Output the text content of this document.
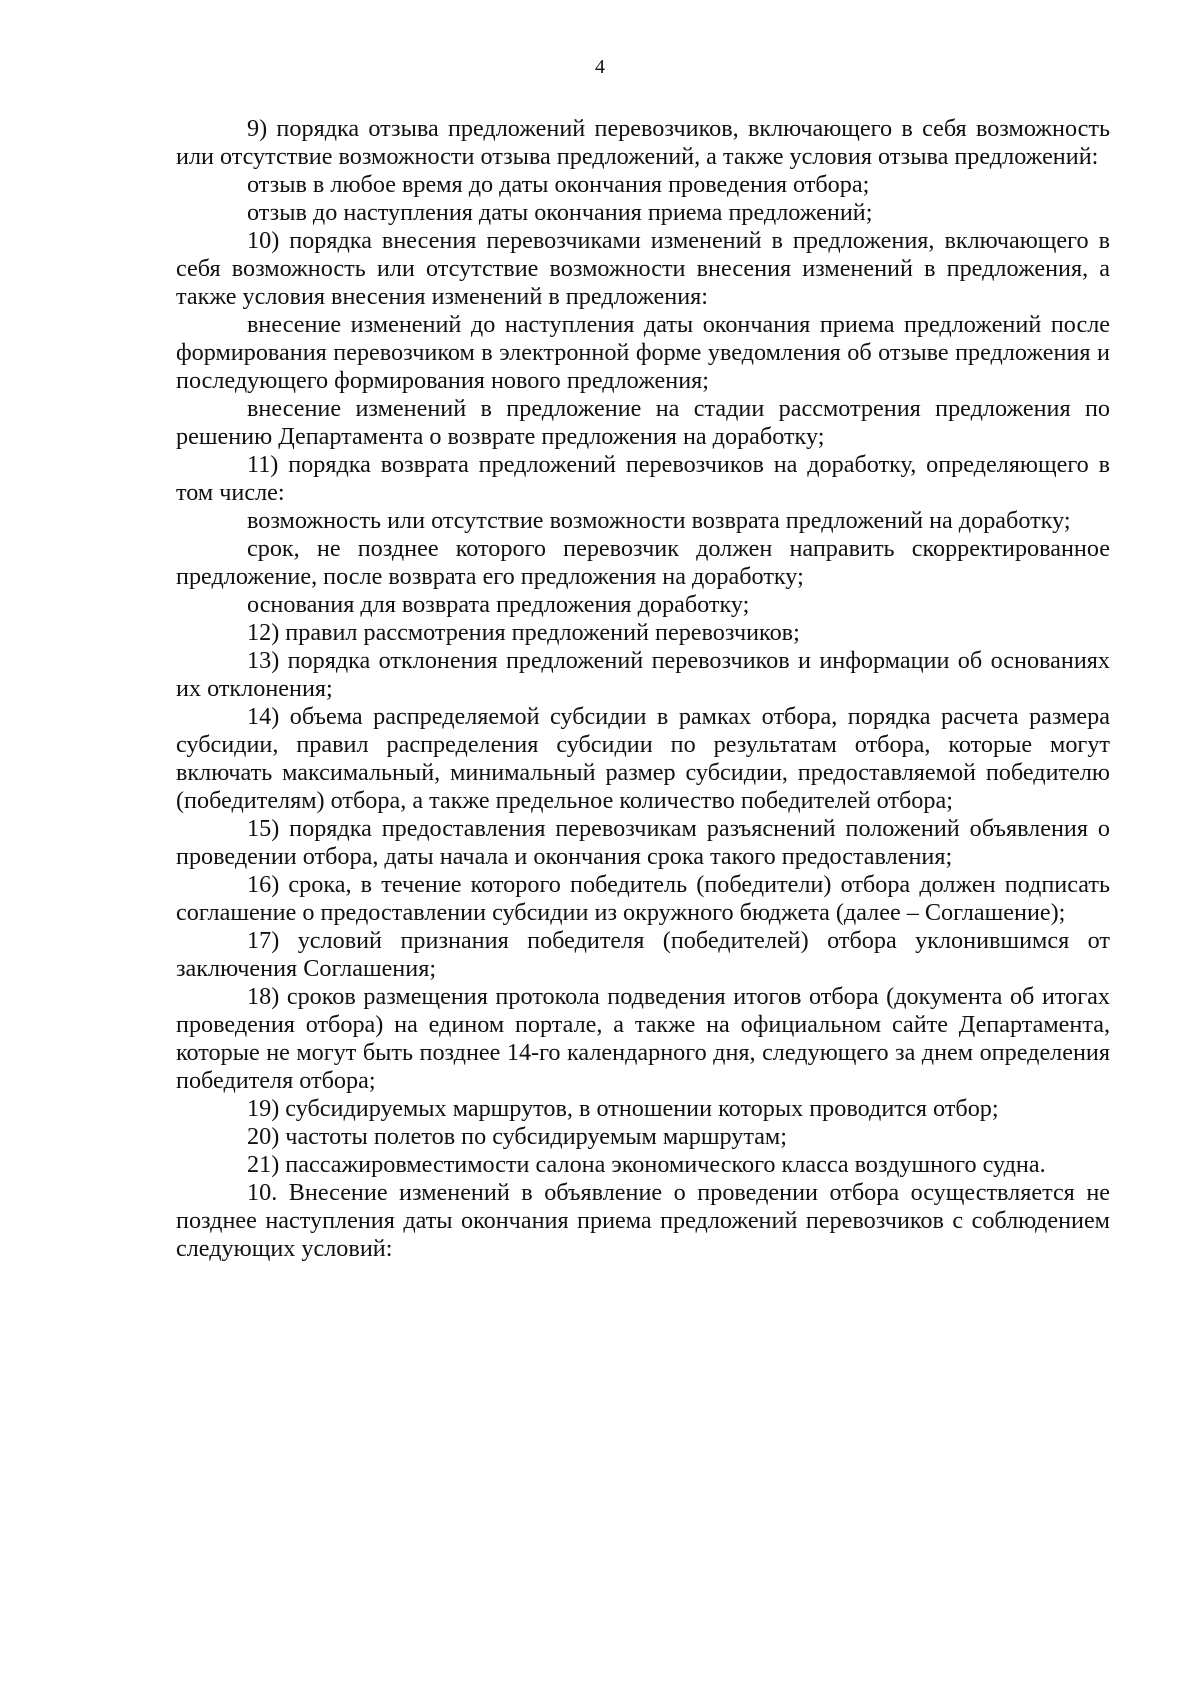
4

9) порядка отзыва предложений перевозчиков, включающего в себя возможность или отсутствие возможности отзыва предложений, а также условия отзыва предложений:

отзыв в любое время до даты окончания проведения отбора;

отзыв до наступления даты окончания приема предложений;

10) порядка внесения перевозчиками изменений в предложения, включающего в себя возможность или отсутствие возможности внесения изменений в предложения, а также условия внесения изменений в предложения:

внесение изменений до наступления даты окончания приема предложений после формирования перевозчиком в электронной форме уведомления об отзыве предложения и последующего формирования нового предложения;

внесение изменений в предложение на стадии рассмотрения предложения по решению Департамента о возврате предложения на доработку;

11) порядка возврата предложений перевозчиков на доработку, определяющего в том числе:

возможность или отсутствие возможности возврата предложений на доработку;

срок, не позднее которого перевозчик должен направить скорректированное предложение, после возврата его предложения на доработку;

основания для возврата предложения доработку;

12) правил рассмотрения предложений перевозчиков;

13) порядка отклонения предложений перевозчиков и информации об основаниях их отклонения;

14) объема распределяемой субсидии в рамках отбора, порядка расчета размера субсидии, правил распределения субсидии по результатам отбора, которые могут включать максимальный, минимальный размер субсидии, предоставляемой победителю (победителям) отбора, а также предельное количество победителей отбора;

15) порядка предоставления перевозчикам разъяснений положений объявления о проведении отбора, даты начала и окончания срока такого предоставления;

16) срока, в течение которого победитель (победители) отбора должен подписать соглашение о предоставлении субсидии из окружного бюджета (далее – Соглашение);

17) условий признания победителя (победителей) отбора уклонившимся от заключения Соглашения;

18) сроков размещения протокола подведения итогов отбора (документа об итогах проведения отбора) на едином портале, а также на официальном сайте Департамента, которые не могут быть позднее 14-го календарного дня, следующего за днем определения победителя отбора;

19) субсидируемых маршрутов, в отношении которых проводится отбор;

20) частоты полетов по субсидируемым маршрутам;

21) пассажировместимости салона экономического класса воздушного судна.

10. Внесение изменений в объявление о проведении отбора осуществляется не позднее наступления даты окончания приема предложений перевозчиков с соблюдением следующих условий:
